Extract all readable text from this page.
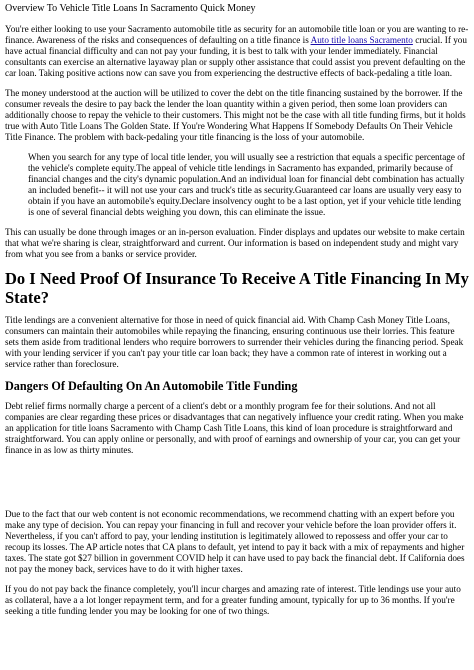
Overview To Vehicle Title Loans In Sacramento Quick Money

You're either looking to use your Sacramento automobile title as security for an automobile title loan or you are wanting to re-finance. Awareness of the risks and consequences of defaulting on a title finance is Auto title loans Sacramento crucial. If you have actual financial difficulty and can not pay your funding, it is best to talk with your lender immediately. Financial consultants can exercise an alternative layaway plan or supply other assistance that could assist you prevent defaulting on the car loan. Taking positive actions now can save you from experiencing the destructive effects of back-pedaling a title loan.

The money understood at the auction will be utilized to cover the debt on the title financing sustained by the borrower. If the consumer reveals the desire to pay back the lender the loan quantity within a given period, then some loan providers can additionally choose to repay the vehicle to their customers. This might not be the case with all title funding firms, but it holds true with Auto Title Loans The Golden State. If You're Wondering What Happens If Somebody Defaults On Their Vehicle Title Finance. The problem with back-pedaling your title financing is the loss of your automobile.

When you search for any type of local title lender, you will usually see a restriction that equals a specific percentage of the vehicle's complete equity.The appeal of vehicle title lendings in Sacramento has expanded, primarily because of financial changes and the city's dynamic population.And an individual loan for financial debt combination has actually an included benefit-- it will not use your cars and truck's title as security.Guaranteed car loans are usually very easy to obtain if you have an automobile's equity.Declare insolvency ought to be a last option, yet if your vehicle title lending is one of several financial debts weighing you down, this can eliminate the issue.

This can usually be done through images or an in-person evaluation. Finder displays and updates our website to make certain that what we're sharing is clear, straightforward and current. Our information is based on independent study and might vary from what you see from a banks or service provider.

Do I Need Proof Of Insurance To Receive A Title Financing In My State?

Title lendings are a convenient alternative for those in need of quick financial aid. With Champ Cash Money Title Loans, consumers can maintain their automobiles while repaying the financing, ensuring continuous use their lorries. This feature sets them aside from traditional lenders who require borrowers to surrender their vehicles during the financing period. Speak with your lending servicer if you can't pay your title car loan back; they have a common rate of interest in working out a service rather than foreclosure.

Dangers Of Defaulting On An Automobile Title Funding

Debt relief firms normally charge a percent of a client's debt or a monthly program fee for their solutions. And not all companies are clear regarding these prices or disadvantages that can negatively influence your credit rating. When you make an application for title loans Sacramento with Champ Cash Title Loans, this kind of loan procedure is straightforward and straightforward. You can apply online or personally, and with proof of earnings and ownership of your car, you can get your finance in as low as thirty minutes.

Due to the fact that our web content is not economic recommendations, we recommend chatting with an expert before you make any type of decision. You can repay your financing in full and recover your vehicle before the loan provider offers it. Nevertheless, if you can't afford to pay, your lending institution is legitimately allowed to repossess and offer your car to recoup its losses. The AP article notes that CA plans to default, yet intend to pay it back with a mix of repayments and higher taxes. The state got $27 billion in government COVID help it can have used to pay back the financial debt. If California does not pay the money back, services have to do it with higher taxes.

If you do not pay back the finance completely, you'll incur charges and amazing rate of interest. Title lendings use your auto as collateral, have a a lot longer repayment term, and for a greater funding amount, typically for up to 36 months. If you're seeking a title funding lender you may be looking for one of two things.
